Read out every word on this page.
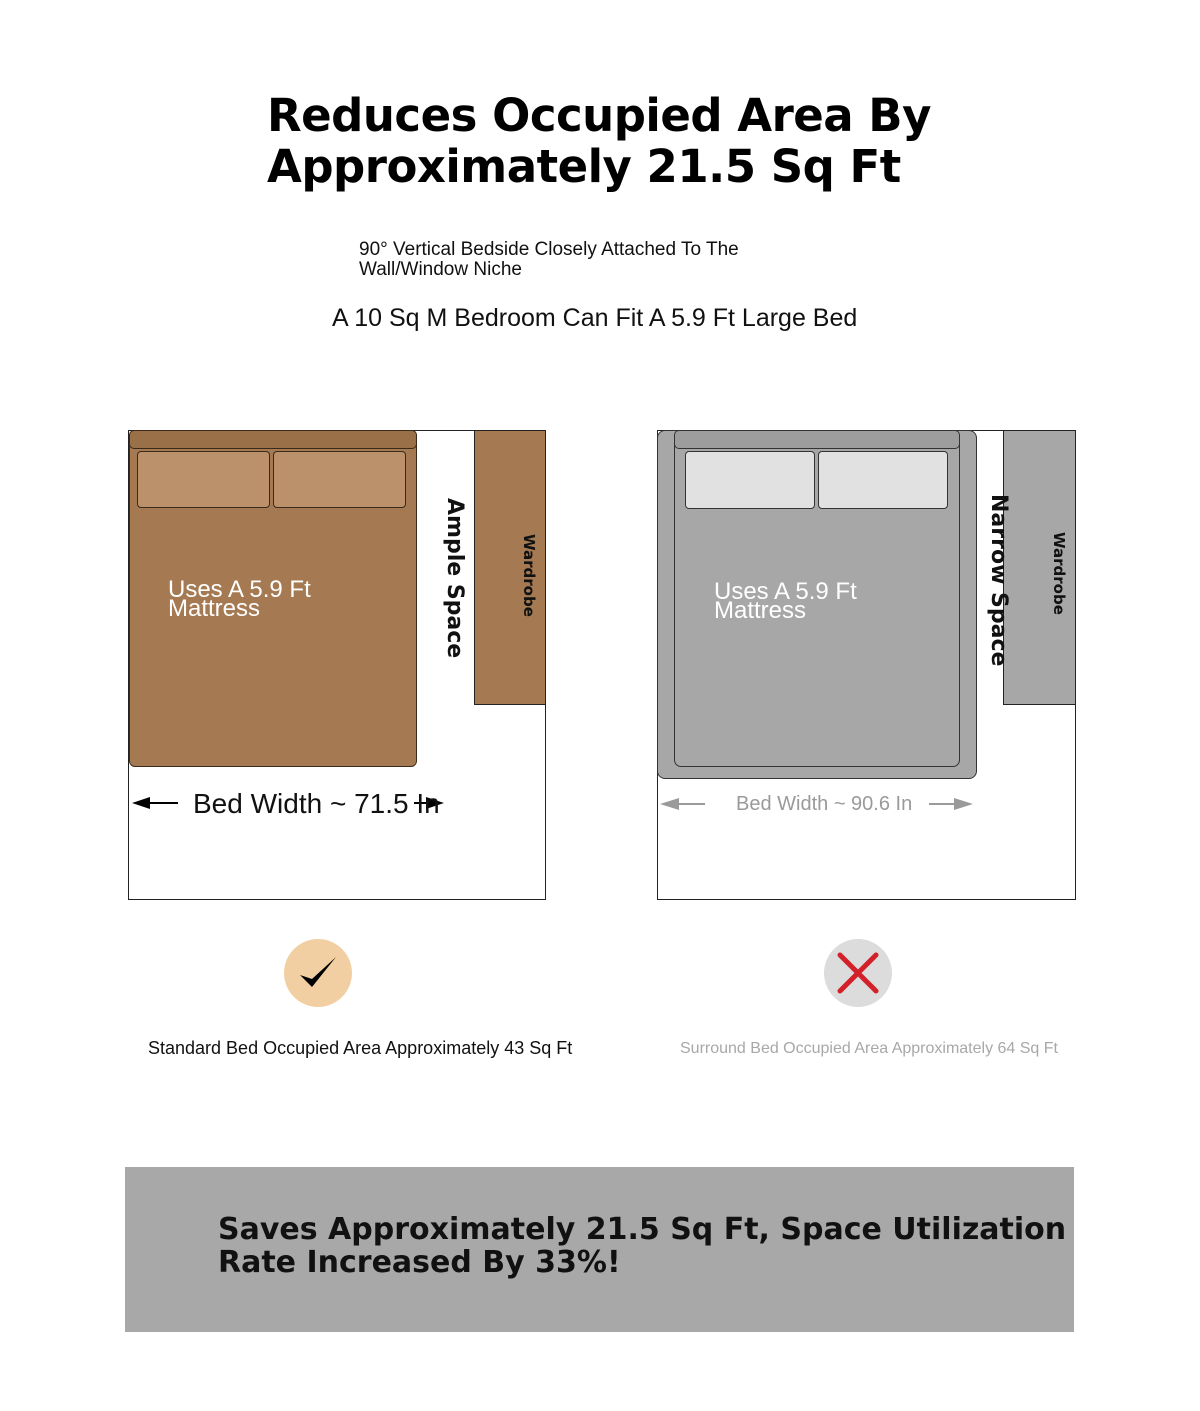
Reduces Occupied Area By
Approximately 21.5 Sq Ft
90° Vertical Bedside Closely Attached To The
Wall/Window Niche
A 10 Sq M Bedroom Can Fit A 5.9 Ft Large Bed
Wardrobe
Uses A 5.9 Ft
Mattress	Ample Space
Bed Width ~ 71.5 In
Standard Bed Occupied Area Approximately 43 Sq Ft
Wardrobe
Uses A 5.9 Ft
Mattress	Narrow Space
Bed Width ~ 90.6 In
Surround Bed Occupied Area Approximately 64 Sq Ft
Saves Approximately 21.5 Sq Ft, Space Utilization
Rate Increased By 33%!
